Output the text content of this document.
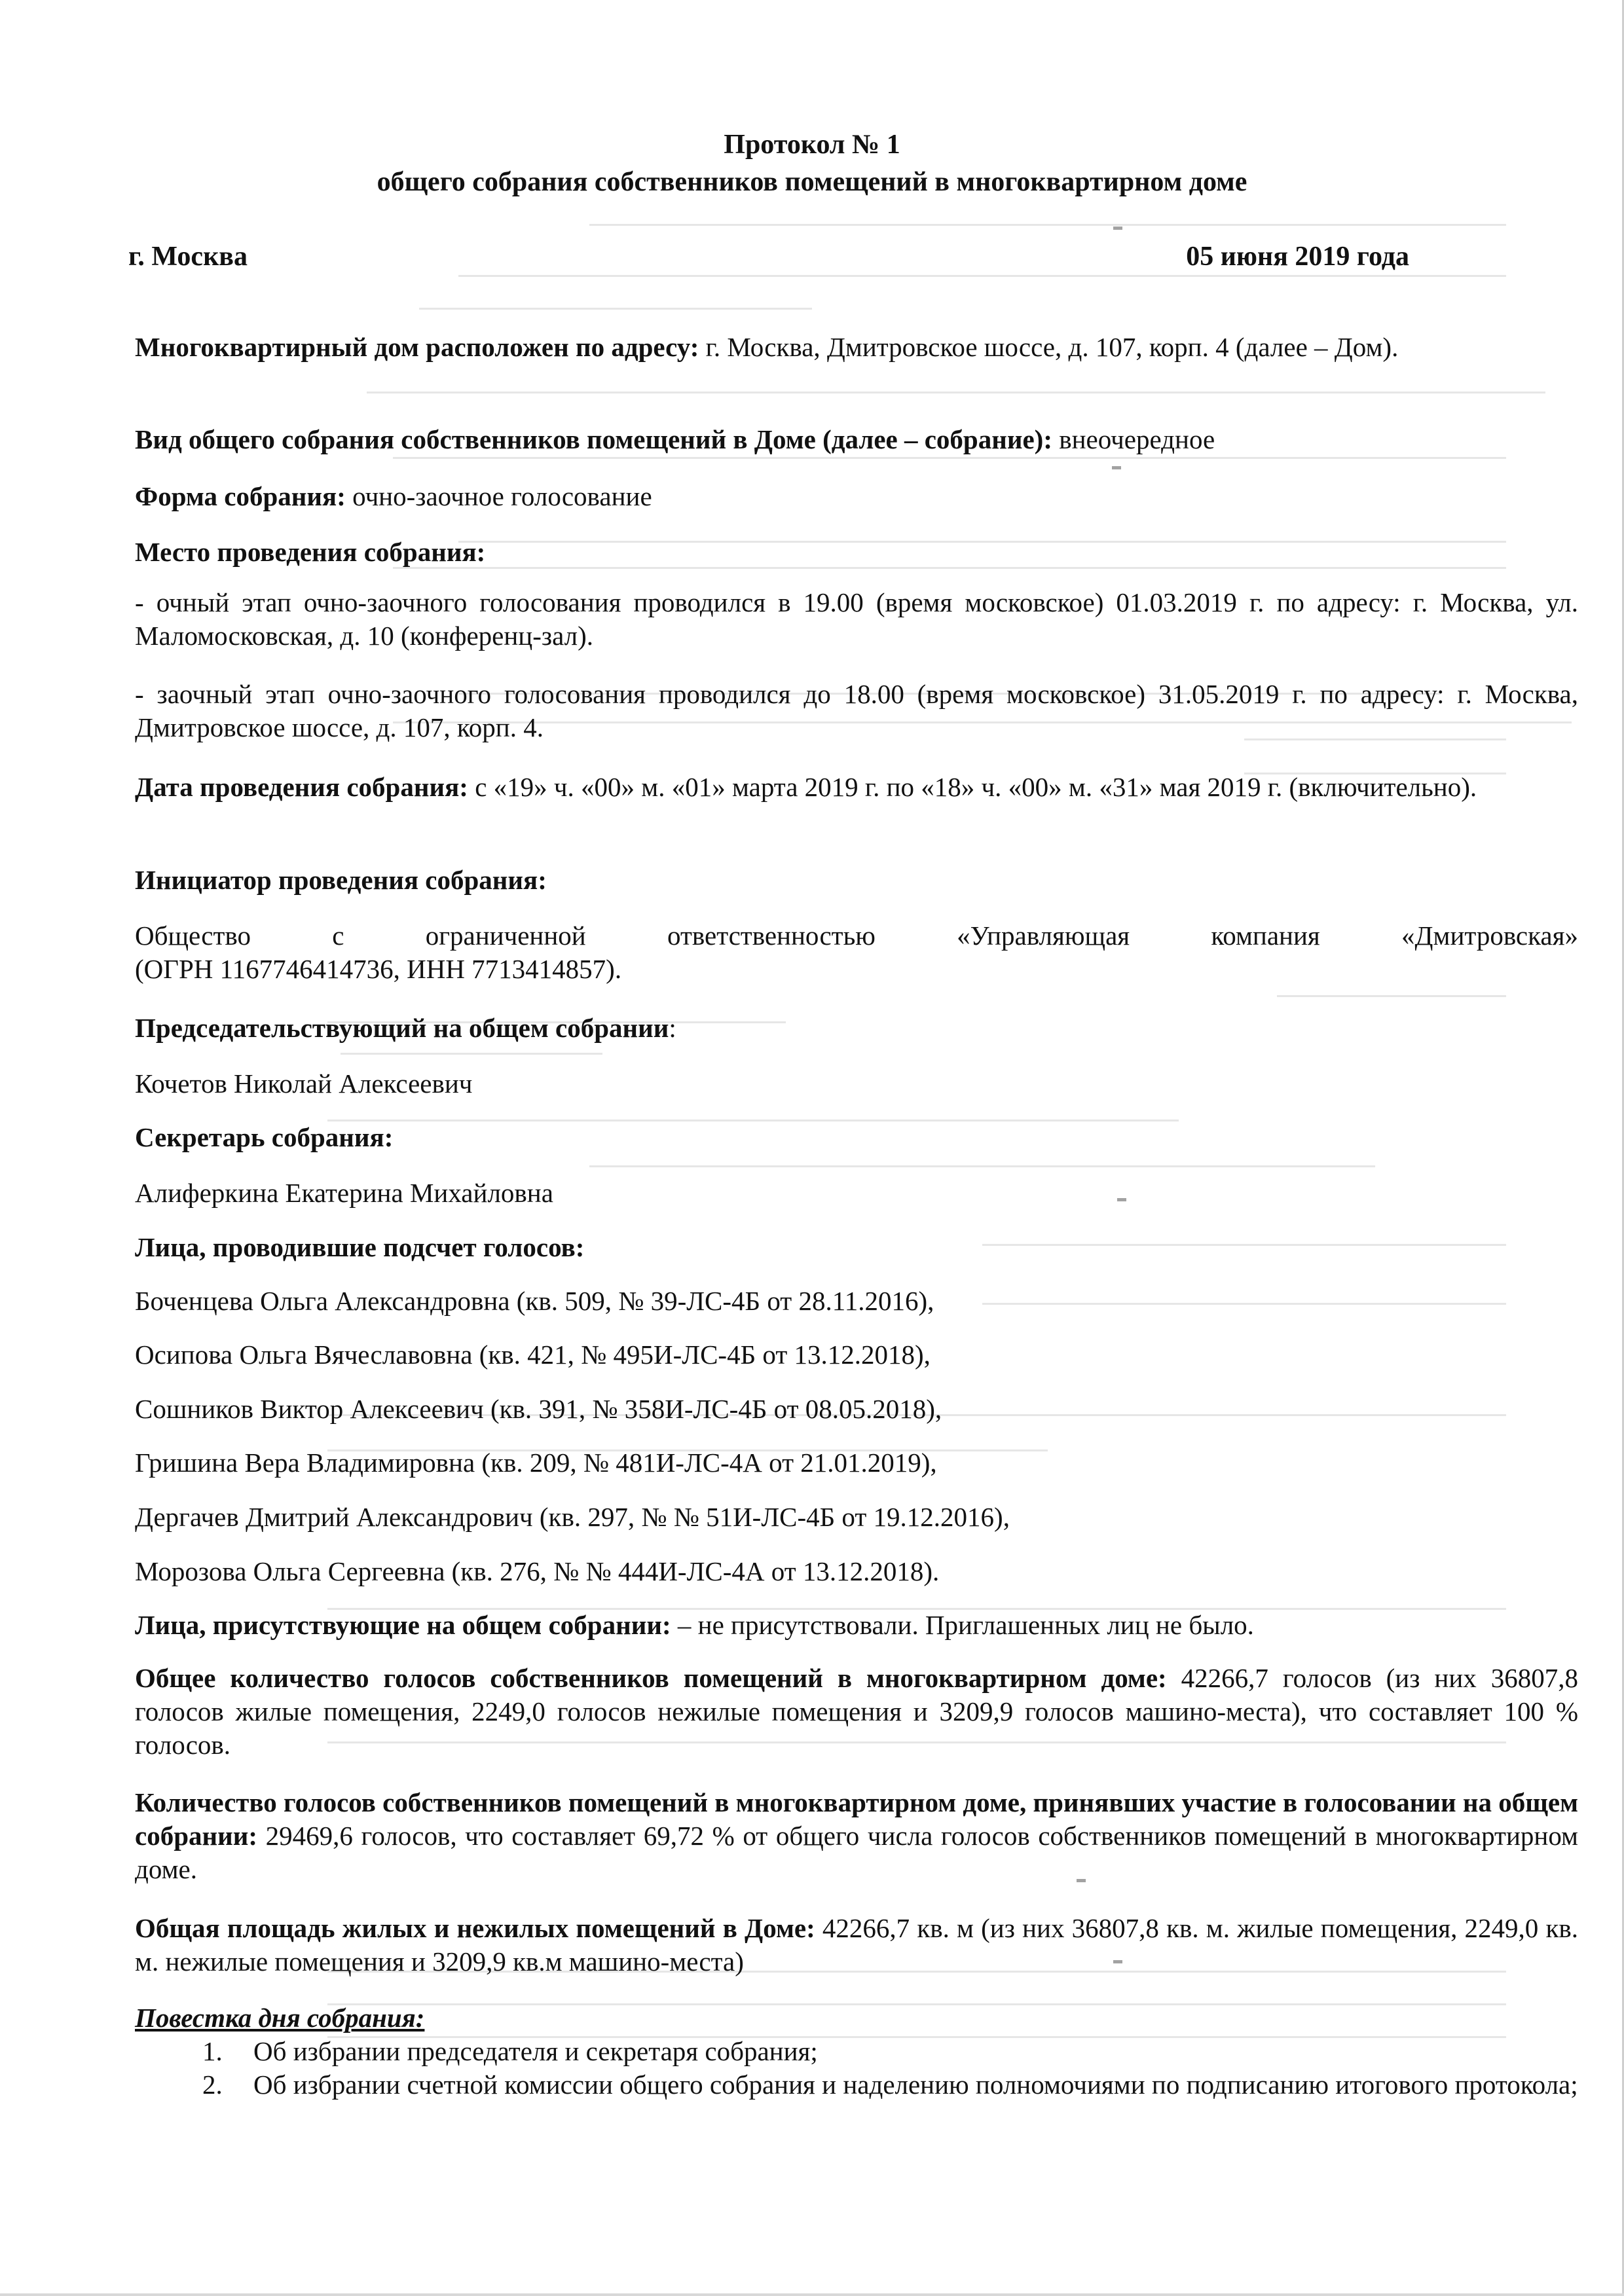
Протокол № 1
общего собрания собственников помещений в многоквартирном доме
г. Москва	05 июня 2019 года

Многоквартирный дом расположен по адресу: г. Москва, Дмитровское шоссе, д. 107, корп. 4 (далее – Дом).

Вид общего собрания собственников помещений в Доме (далее – собрание): внеочередное

Форма собрания: очно-заочное голосование

Место проведения собрания:

- очный этап очно-заочного голосования проводился в 19.00 (время московское) 01.03.2019 г. по адресу: г. Москва, ул. Маломосковская, д. 10 (конференц-зал).

- заочный этап очно-заочного голосования проводился до 18.00 (время московское) 31.05.2019 г. по адресу: г. Москва, Дмитровское шоссе, д. 107, корп. 4.

Дата проведения собрания: с «19» ч. «00» м. «01» марта 2019 г. по «18» ч. «00» м. «31» мая 2019 г. (включительно).

Инициатор проведения собрания:

Общество с ограниченной ответственностью «Управляющая компания «Дмитровская»

(ОГРН 1167746414736, ИНН 7713414857).

Председательствующий на общем собрании:

Кочетов Николай Алексеевич

Секретарь собрания:

Алиферкина Екатерина Михайловна

Лица, проводившие подсчет голосов:

Боченцева Ольга Александровна (кв. 509, № 39-ЛС-4Б от 28.11.2016),

Осипова Ольга Вячеславовна (кв. 421, № 495И-ЛС-4Б от 13.12.2018),

Сошников Виктор Алексеевич (кв. 391, № 358И-ЛС-4Б от 08.05.2018),

Гришина Вера Владимировна (кв. 209, № 481И-ЛС-4А от 21.01.2019),

Дергачев Дмитрий Александрович (кв. 297, № № 51И-ЛС-4Б от 19.12.2016),

Морозова Ольга Сергеевна (кв. 276, № № 444И-ЛС-4А от 13.12.2018).

Лица, присутствующие на общем собрании: – не присутствовали. Приглашенных лиц не было.

Общее количество голосов собственников помещений в многоквартирном доме: 42266,7 голосов (из них 36807,8 голосов жилые помещения, 2249,0 голосов нежилые помещения и 3209,9 голосов машино-места), что составляет 100 % голосов.

Количество голосов собственников помещений в многоквартирном доме, принявших участие в голосовании на общем собрании: 29469,6 голосов, что составляет 69,72 % от общего числа голосов собственников помещений в многоквартирном доме.

Общая площадь жилых и нежилых помещений в Доме: 42266,7 кв. м (из них 36807,8 кв. м. жилые помещения, 2249,0 кв. м. нежилые помещения и 3209,9 кв.м машино-места)

Повестка дня собрания:

1. Об избрании председателя и секретаря собрания;
2. Об избрании счетной комиссии общего собрания и наделению полномочиями по подписанию итогового протокола;
